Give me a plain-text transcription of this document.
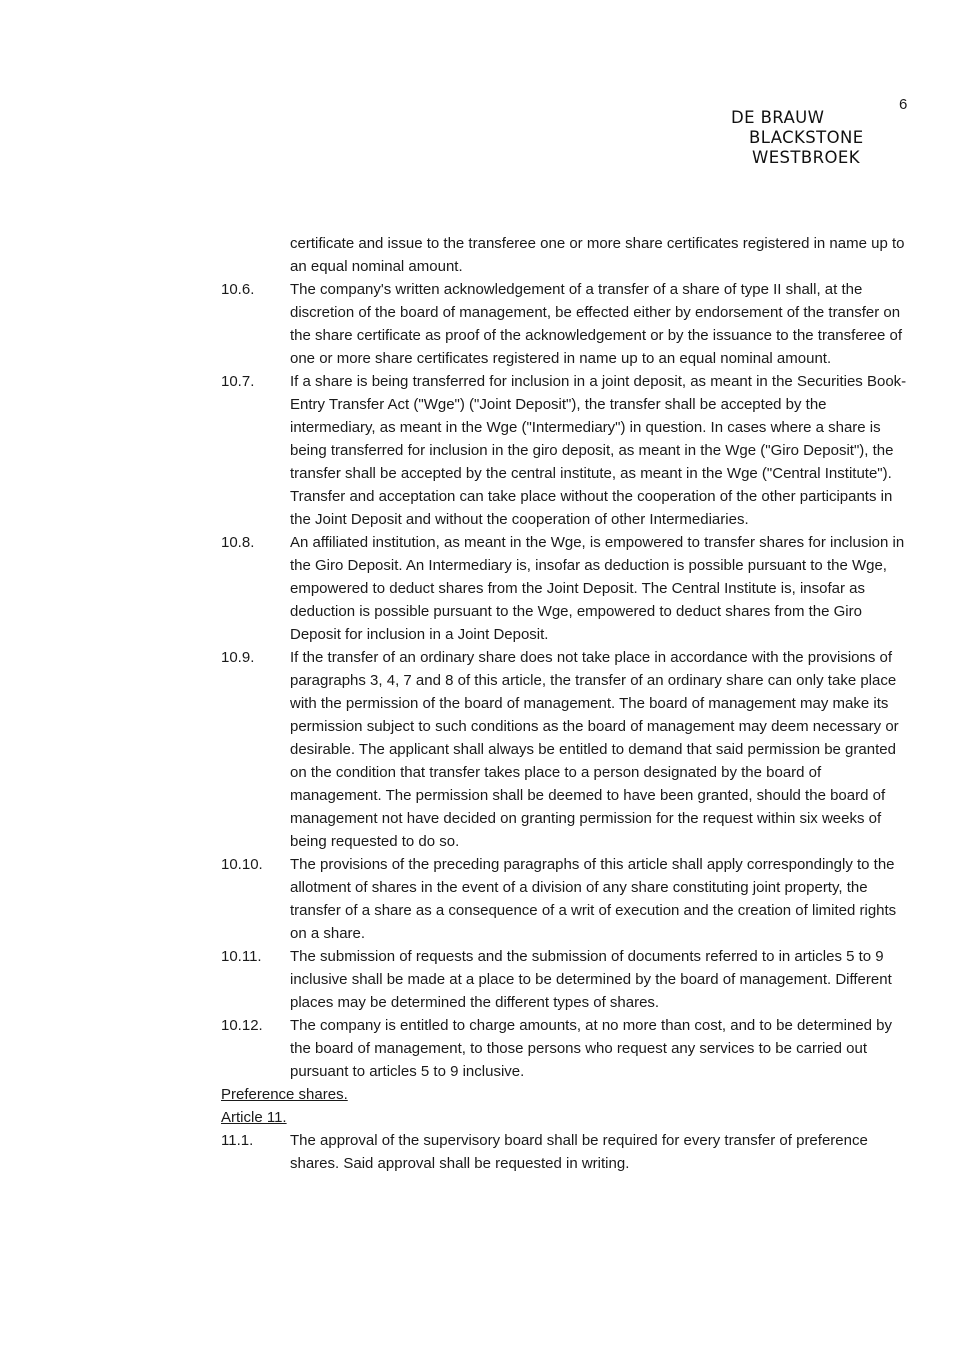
6
DE BRAUW
BLACKSTONE
WESTBROEK
certificate and issue to the transferee one or more share certificates registered in name up to an equal nominal amount.
10.6. The company's written acknowledgement of a transfer of a share of type II shall, at the discretion of the board of management, be effected either by endorsement of the transfer on the share certificate as proof of the acknowledgement or by the issuance to the transferee of one or more share certificates registered in name up to an equal nominal amount.
10.7. If a share is being transferred for inclusion in a joint deposit, as meant in the Securities Book-Entry Transfer Act ("Wge") ("Joint Deposit"), the transfer shall be accepted by the intermediary, as meant in the Wge ("Intermediary") in question. In cases where a share is being transferred for inclusion in the giro deposit, as meant in the Wge ("Giro Deposit"), the transfer shall be accepted by the central institute, as meant in the Wge ("Central Institute"). Transfer and acceptation can take place without the cooperation of the other participants in the Joint Deposit and without the cooperation of other Intermediaries.
10.8. An affiliated institution, as meant in the Wge, is empowered to transfer shares for inclusion in the Giro Deposit. An Intermediary is, insofar as deduction is possible pursuant to the Wge, empowered to deduct shares from the Joint Deposit. The Central Institute is, insofar as deduction is possible pursuant to the Wge, empowered to deduct shares from the Giro Deposit for inclusion in a Joint Deposit.
10.9. If the transfer of an ordinary share does not take place in accordance with the provisions of paragraphs 3, 4, 7 and 8 of this article, the transfer of an ordinary share can only take place with the permission of the board of management. The board of management may make its permission subject to such conditions as the board of management may deem necessary or desirable. The applicant shall always be entitled to demand that said permission be granted on the condition that transfer takes place to a person designated by the board of management. The permission shall be deemed to have been granted, should the board of management not have decided on granting permission for the request within six weeks of being requested to do so.
10.10. The provisions of the preceding paragraphs of this article shall apply correspondingly to the allotment of shares in the event of a division of any share constituting joint property, the transfer of a share as a consequence of a writ of execution and the creation of limited rights on a share.
10.11. The submission of requests and the submission of documents referred to in articles 5 to 9 inclusive shall be made at a place to be determined by the board of management. Different places may be determined the different types of shares.
10.12. The company is entitled to charge amounts, at no more than cost, and to be determined by the board of management, to those persons who request any services to be carried out pursuant to articles 5 to 9 inclusive.
Preference shares.
Article 11.
11.1. The approval of the supervisory board shall be required for every transfer of preference shares. Said approval shall be requested in writing.
